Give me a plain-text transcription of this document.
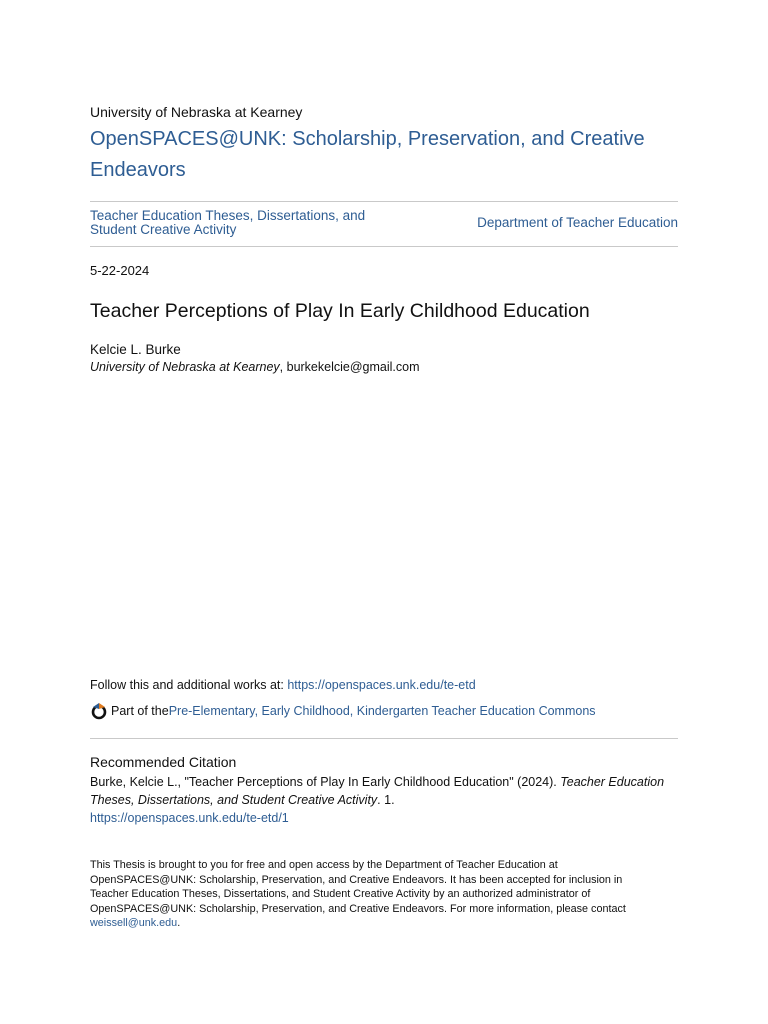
University of Nebraska at Kearney
OpenSPACES@UNK: Scholarship, Preservation, and Creative Endeavors
Teacher Education Theses, Dissertations, and Student Creative Activity	Department of Teacher Education
5-22-2024
Teacher Perceptions of Play In Early Childhood Education
Kelcie L. Burke
University of Nebraska at Kearney, burkekelcie@gmail.com
Follow this and additional works at: https://openspaces.unk.edu/te-etd
Part of the Pre-Elementary, Early Childhood, Kindergarten Teacher Education Commons
Recommended Citation
Burke, Kelcie L., "Teacher Perceptions of Play In Early Childhood Education" (2024). Teacher Education Theses, Dissertations, and Student Creative Activity. 1.
https://openspaces.unk.edu/te-etd/1
This Thesis is brought to you for free and open access by the Department of Teacher Education at OpenSPACES@UNK: Scholarship, Preservation, and Creative Endeavors. It has been accepted for inclusion in Teacher Education Theses, Dissertations, and Student Creative Activity by an authorized administrator of OpenSPACES@UNK: Scholarship, Preservation, and Creative Endeavors. For more information, please contact weissell@unk.edu.
